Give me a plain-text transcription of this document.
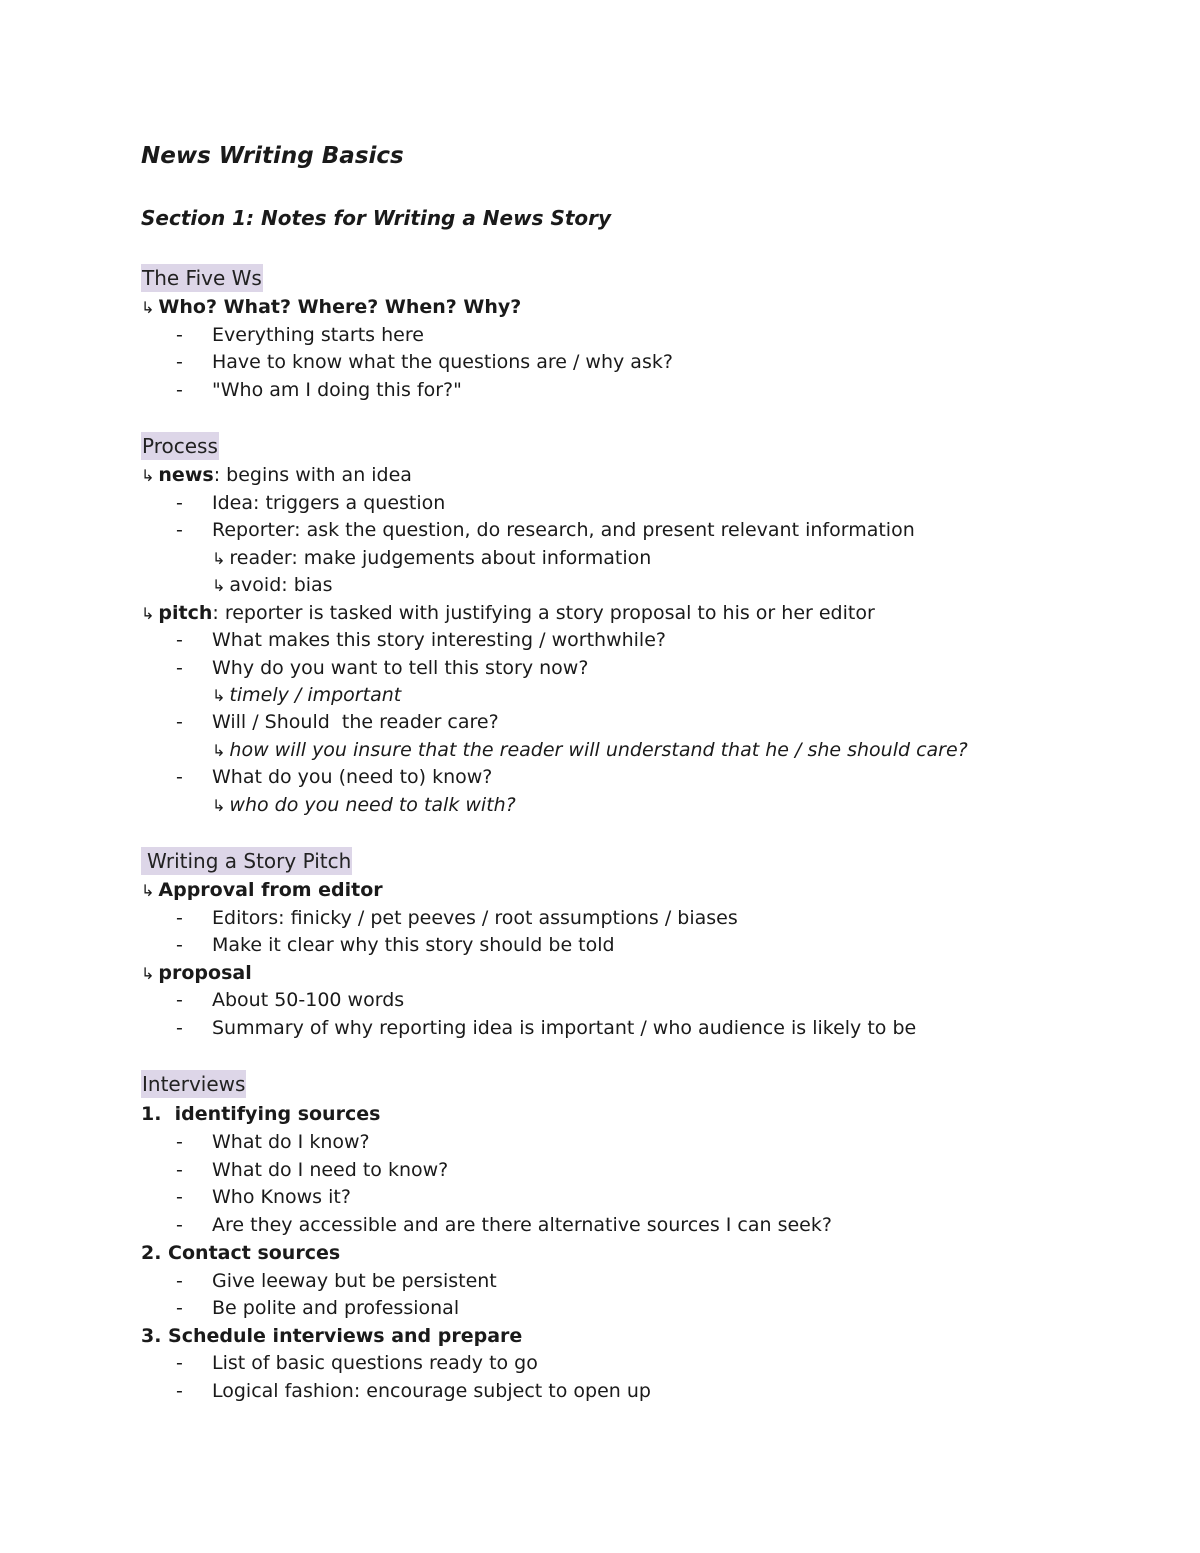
News Writing Basics
Section 1: Notes for Writing a News Story
The Five Ws
↳ Who? What? Where? When? Why?
- Everything starts here
- Have to know what the questions are / why ask?
- "Who am I doing this for?"
Process
↳ news: begins with an idea
- Idea: triggers a question
- Reporter: ask the question, do research, and present relevant information
↳ reader: make judgements about information
↳ avoid: bias
↳ pitch: reporter is tasked with justifying a story proposal to his or her editor
- What makes this story interesting / worthwhile?
- Why do you want to tell this story now?
↳ timely / important
- Will / Should  the reader care?
↳ how will you insure that the reader will understand that he / she should care?
- What do you (need to) know?
↳ who do you need to talk with?
Writing a Story Pitch
↳ Approval from editor
- Editors: finicky / pet peeves / root assumptions / biases
- Make it clear why this story should be told
↳ proposal
- About 50-100 words
- Summary of why reporting idea is important / who audience is likely to be
Interviews
1.  identifying sources
- What do I know?
- What do I need to know?
- Who Knows it?
- Are they accessible and are there alternative sources I can seek?
2. Contact sources
- Give leeway but be persistent
- Be polite and professional
3. Schedule interviews and prepare
- List of basic questions ready to go
- Logical fashion: encourage subject to open up
